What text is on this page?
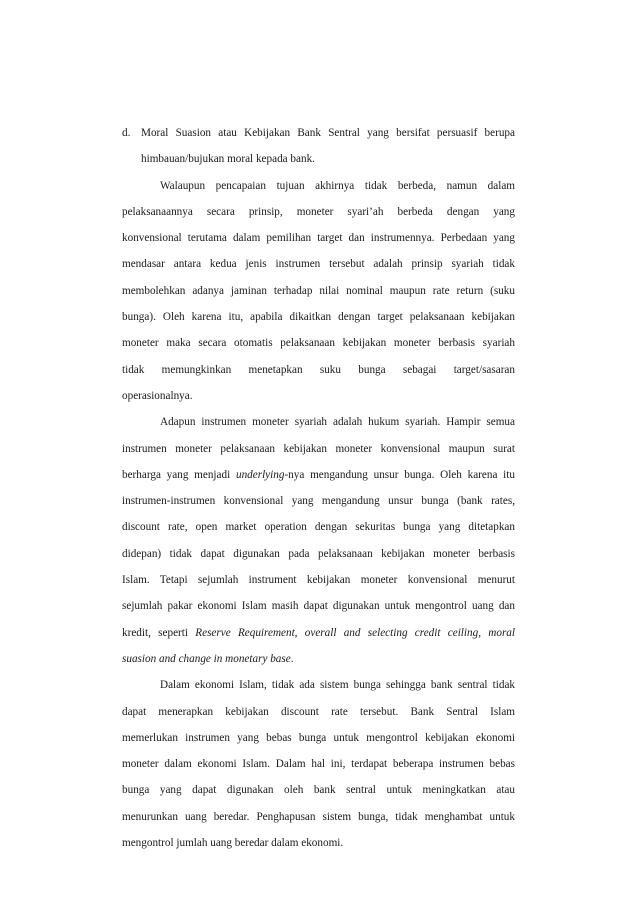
d. Moral Suasion atau Kebijakan Bank Sentral yang bersifat persuasif berupa
himbauan/bujukan moral kepada bank.
Walaupun pencapaian tujuan akhirnya tidak berbeda, namun dalam
pelaksanaannya secara prinsip, moneter syari’ah berbeda dengan yang
konvensional terutama dalam pemilihan target dan instrumennya. Perbedaan yang
mendasar antara kedua jenis instrumen tersebut adalah prinsip syariah tidak
membolehkan adanya jaminan terhadap nilai nominal maupun rate return (suku
bunga). Oleh karena itu, apabila dikaitkan dengan target pelaksanaan kebijakan
moneter maka secara otomatis pelaksanaan kebijakan moneter berbasis syariah
tidak memungkinkan menetapkan suku bunga sebagai target/sasaran
operasionalnya.
Adapun instrumen moneter syariah adalah hukum syariah. Hampir semua
instrumen moneter pelaksanaan kebijakan moneter konvensional maupun surat
berharga yang menjadi underlying-nya mengandung unsur bunga. Oleh karena itu
instrumen-instrumen konvensional yang mengandung unsur bunga (bank rates,
discount rate, open market operation dengan sekuritas bunga yang ditetapkan
didepan) tidak dapat digunakan pada pelaksanaan kebijakan moneter berbasis
Islam. Tetapi sejumlah instrument kebijakan moneter konvensional menurut
sejumlah pakar ekonomi Islam masih dapat digunakan untuk mengontrol uang dan
kredit, seperti Reserve Requirement, overall and selecting credit ceiling, moral
suasion and change in monetary base.
Dalam ekonomi Islam, tidak ada sistem bunga sehingga bank sentral tidak
dapat menerapkan kebijakan discount rate tersebut. Bank Sentral Islam
memerlukan instrumen yang bebas bunga untuk mengontrol kebijakan ekonomi
moneter dalam ekonomi Islam. Dalam hal ini, terdapat beberapa instrumen bebas
bunga yang dapat digunakan oleh bank sentral untuk meningkatkan atau
menurunkan uang beredar. Penghapusan sistem bunga, tidak menghambat untuk
mengontrol jumlah uang beredar dalam ekonomi.
